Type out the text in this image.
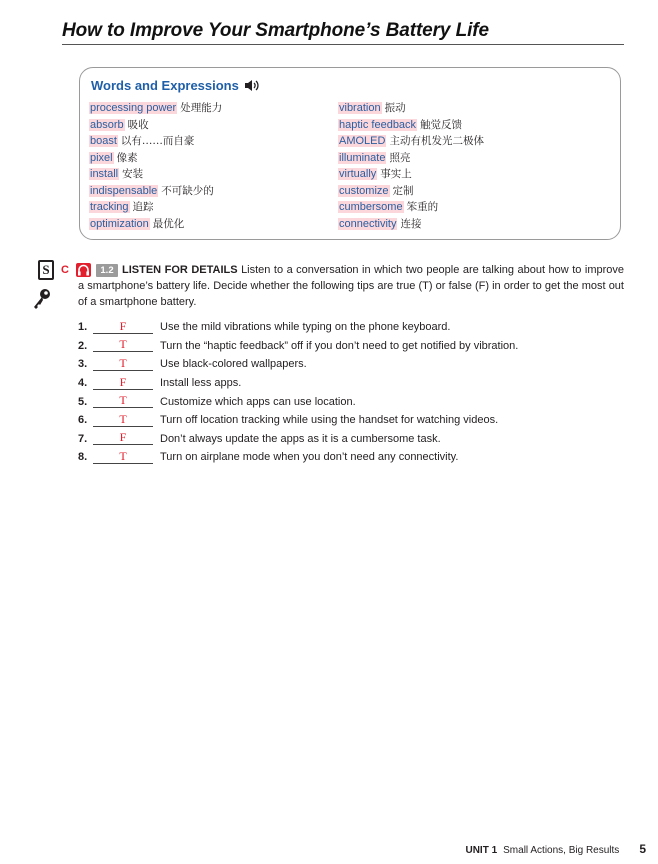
How to Improve Your Smartphone’s Battery Life
Words and Expressions
processing power 处理能力
absorb 吸收
boast 以有……而自豪
pixel 像素
install 安装
indispensable 不可缺少的
tracking 追踪
optimization 最优化
vibration 振动
haptic feedback 触觉反馈
AMOLED 主动有机发光二极体
illuminate 照亮
virtually 事实上
customize 定制
cumbersome 笨重的
connectivity 连接
S	C	1.2 LISTEN FOR DETAILS Listen to a conversation in which two people are talking about how to improve a smartphone’s battery life. Decide whether the following tips are true (T) or false (F) in order to get the most out of a smartphone battery.
1.	F	Use the mild vibrations while typing on the phone keyboard.
2.	T	Turn the “haptic feedback” off if you don’t need to get notified by vibration.
3.	T	Use black-colored wallpapers.
4.	F	Install less apps.
5.	T	Customize which apps can use location.
6.	T	Turn off location tracking while using the handset for watching videos.
7.	F	Don’t always update the apps as it is a cumbersome task.
8.	T	Turn on airplane mode when you don’t need any connectivity.
UNIT 1 Small Actions, Big Results 5
